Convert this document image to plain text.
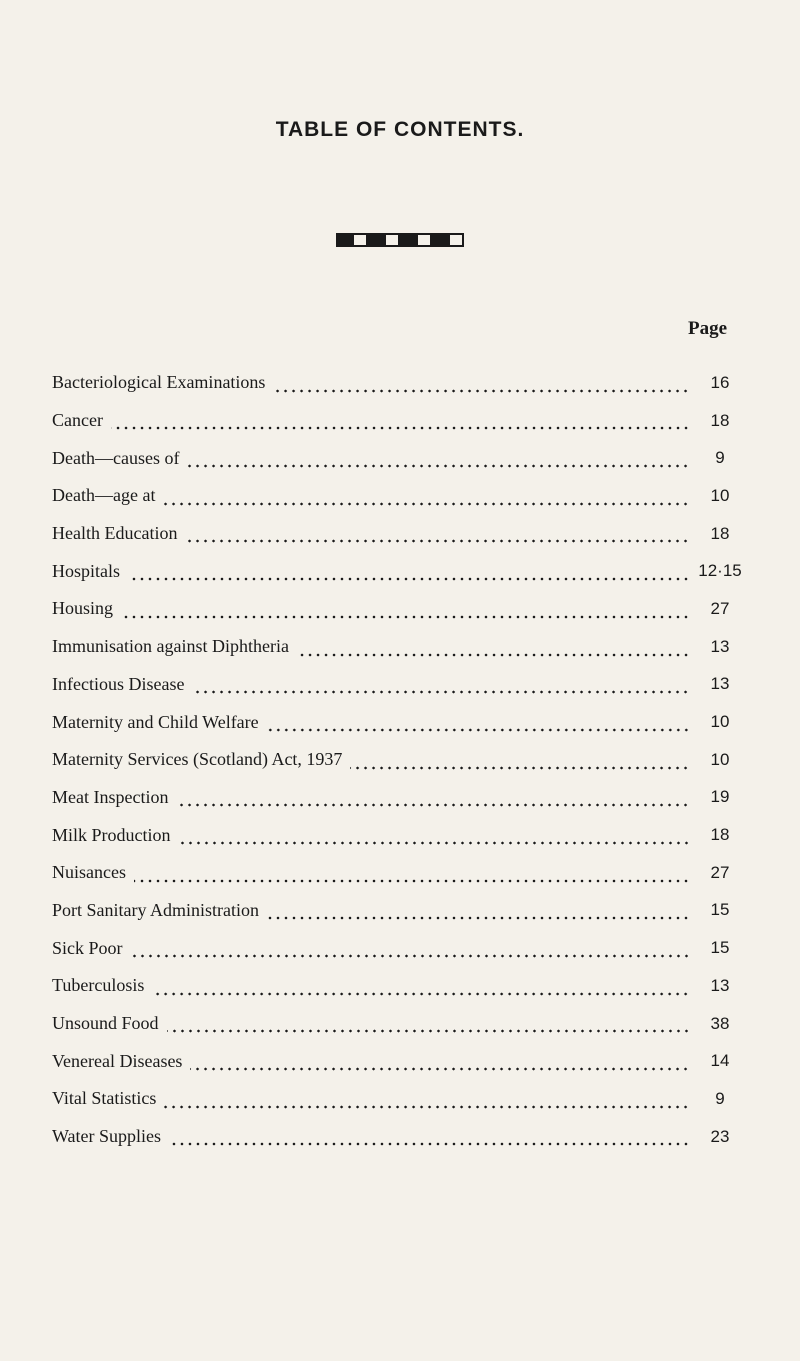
TABLE OF CONTENTS.
Page
Bacteriological Examinations	16
Cancer	18
Death—causes of	9
Death—age at	10
Health Education	18
Hospitals	12·15
Housing	27
Immunisation against Diphtheria	13
Infectious Disease	13
Maternity and Child Welfare	10
Maternity Services (Scotland) Act, 1937	10
Meat Inspection	19
Milk Production	18
Nuisances	27
Port Sanitary Administration	15
Sick Poor	15
Tuberculosis	13
Unsound Food	38
Venereal Diseases	14
Vital Statistics	9
Water Supplies	23
